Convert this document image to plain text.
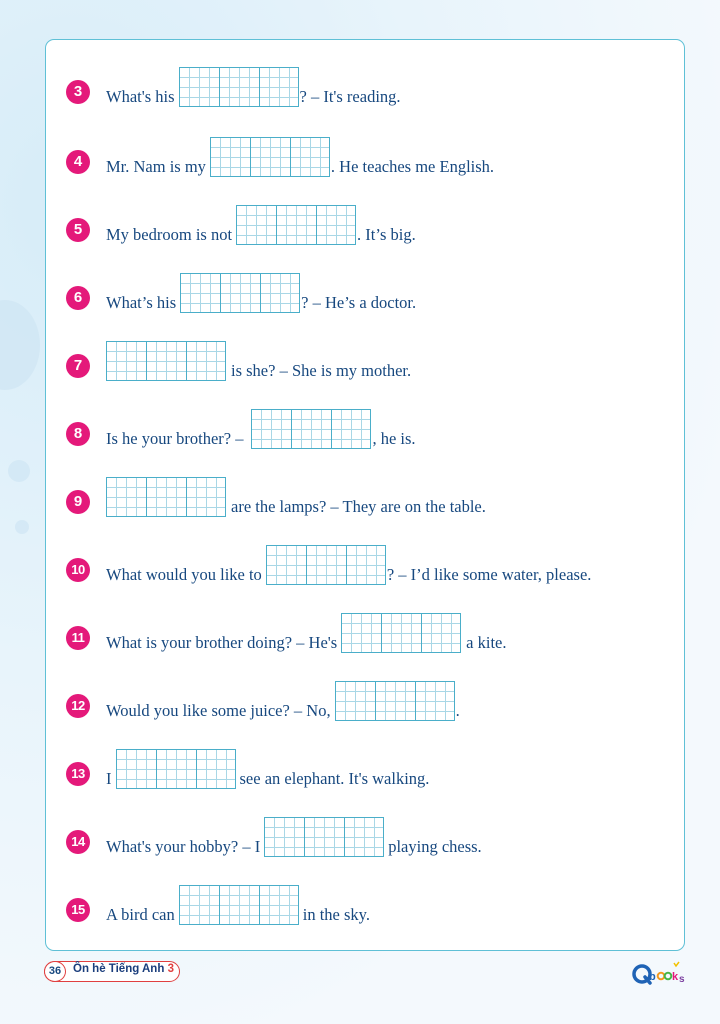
3	What's his	? – It's reading.
4	Mr. Nam is my	. He teaches me English.
5	My bedroom is not	. It’s big.
6	What’s his	? – He’s a doctor.
7	is she? – She is my mother.
8	Is he your brother? –	, he is.
9	are the lamps? – They are on the table.
10	What would you like to	? – I’d like some water, please.
11	What is your brother doing? – He's	a kite.
12	Would you like some juice? – No,	.
13	I	see an elephant. It's walking.
14	What's your hobby? – I	playing chess.
15	A bird can	in the sky.
36	Ôn hè Tiếng Anh 3
b k s
